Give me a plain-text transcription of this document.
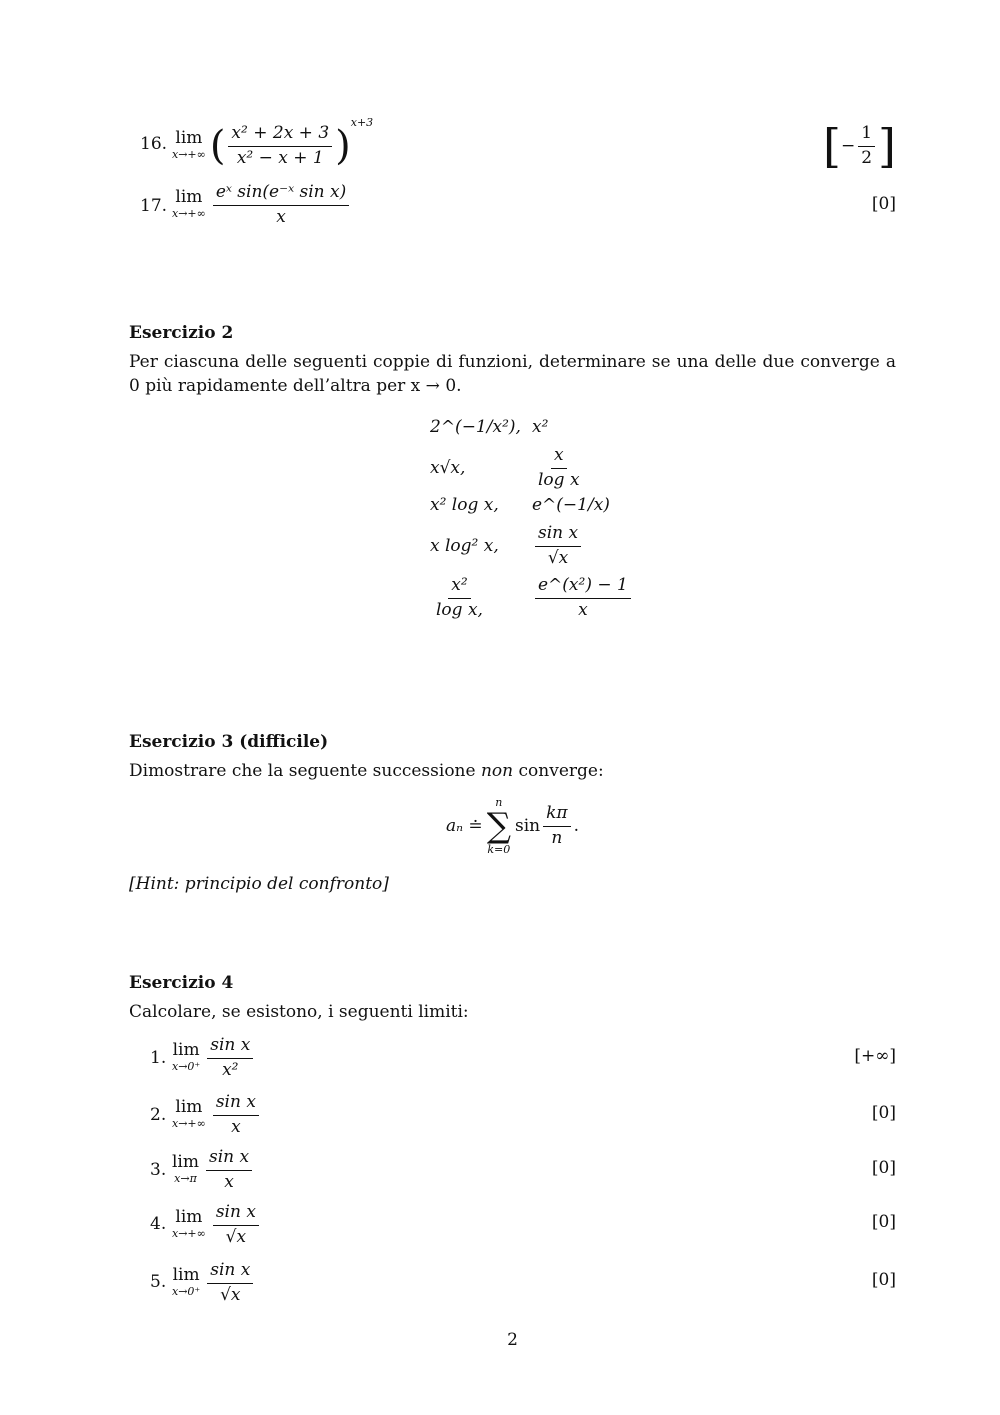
16. lim
x→+∞ ( $\frac{\text{x² + 2x + 3}}{\text{x² − x + 1}}$ )
$^{x+3}$	[ − $\frac{1}{2}$ ]
17. lim
$x\to+\infty \frac{\text{eˣ sin(e⁻ˣ sin x)}}{x}$	[0]
Esercizio 2
Per ciascuna delle seguenti coppie di funzioni, determinare se una delle due converge a 0 più rapidamente dell’altra per x → 0.
2^(−1/x²), x²
x√x,	$\frac{x}{\text{log x}}$
x² log x, e^(−1/x)
x log² x, $\frac{\text{sin x}}{√x}$
$\frac{\text{x²}}{\text{log x,}}$	$\frac{\text{e\textasciicircum{}(x²) − 1}}{x}$
Esercizio 3 (difficile)
Dimostrare che la seguente successione non converge:
aₙ ≐
n
∑
k=0
$\sin \frac{k\pi}{n}$ .
[Hint: principio del confronto]
Esercizio 4
Calcolare, se esistono, i seguenti limiti:
1. lim
$x\to 0^+ \frac{\text{sin x}}{\text{x²}}$	[+∞]
2. lim
$x\to+\infty \frac{\text{sin x}}{x}$	[0]
3. lim
$x\to\pi \frac{\text{sin x}}{x}$	[0]
4. lim
$x\to+\infty \frac{\text{sin x}}{√x}$	[0]
5. lim
$x\to 0^+ \frac{\text{sin x}}{√x}$	[0]
2
